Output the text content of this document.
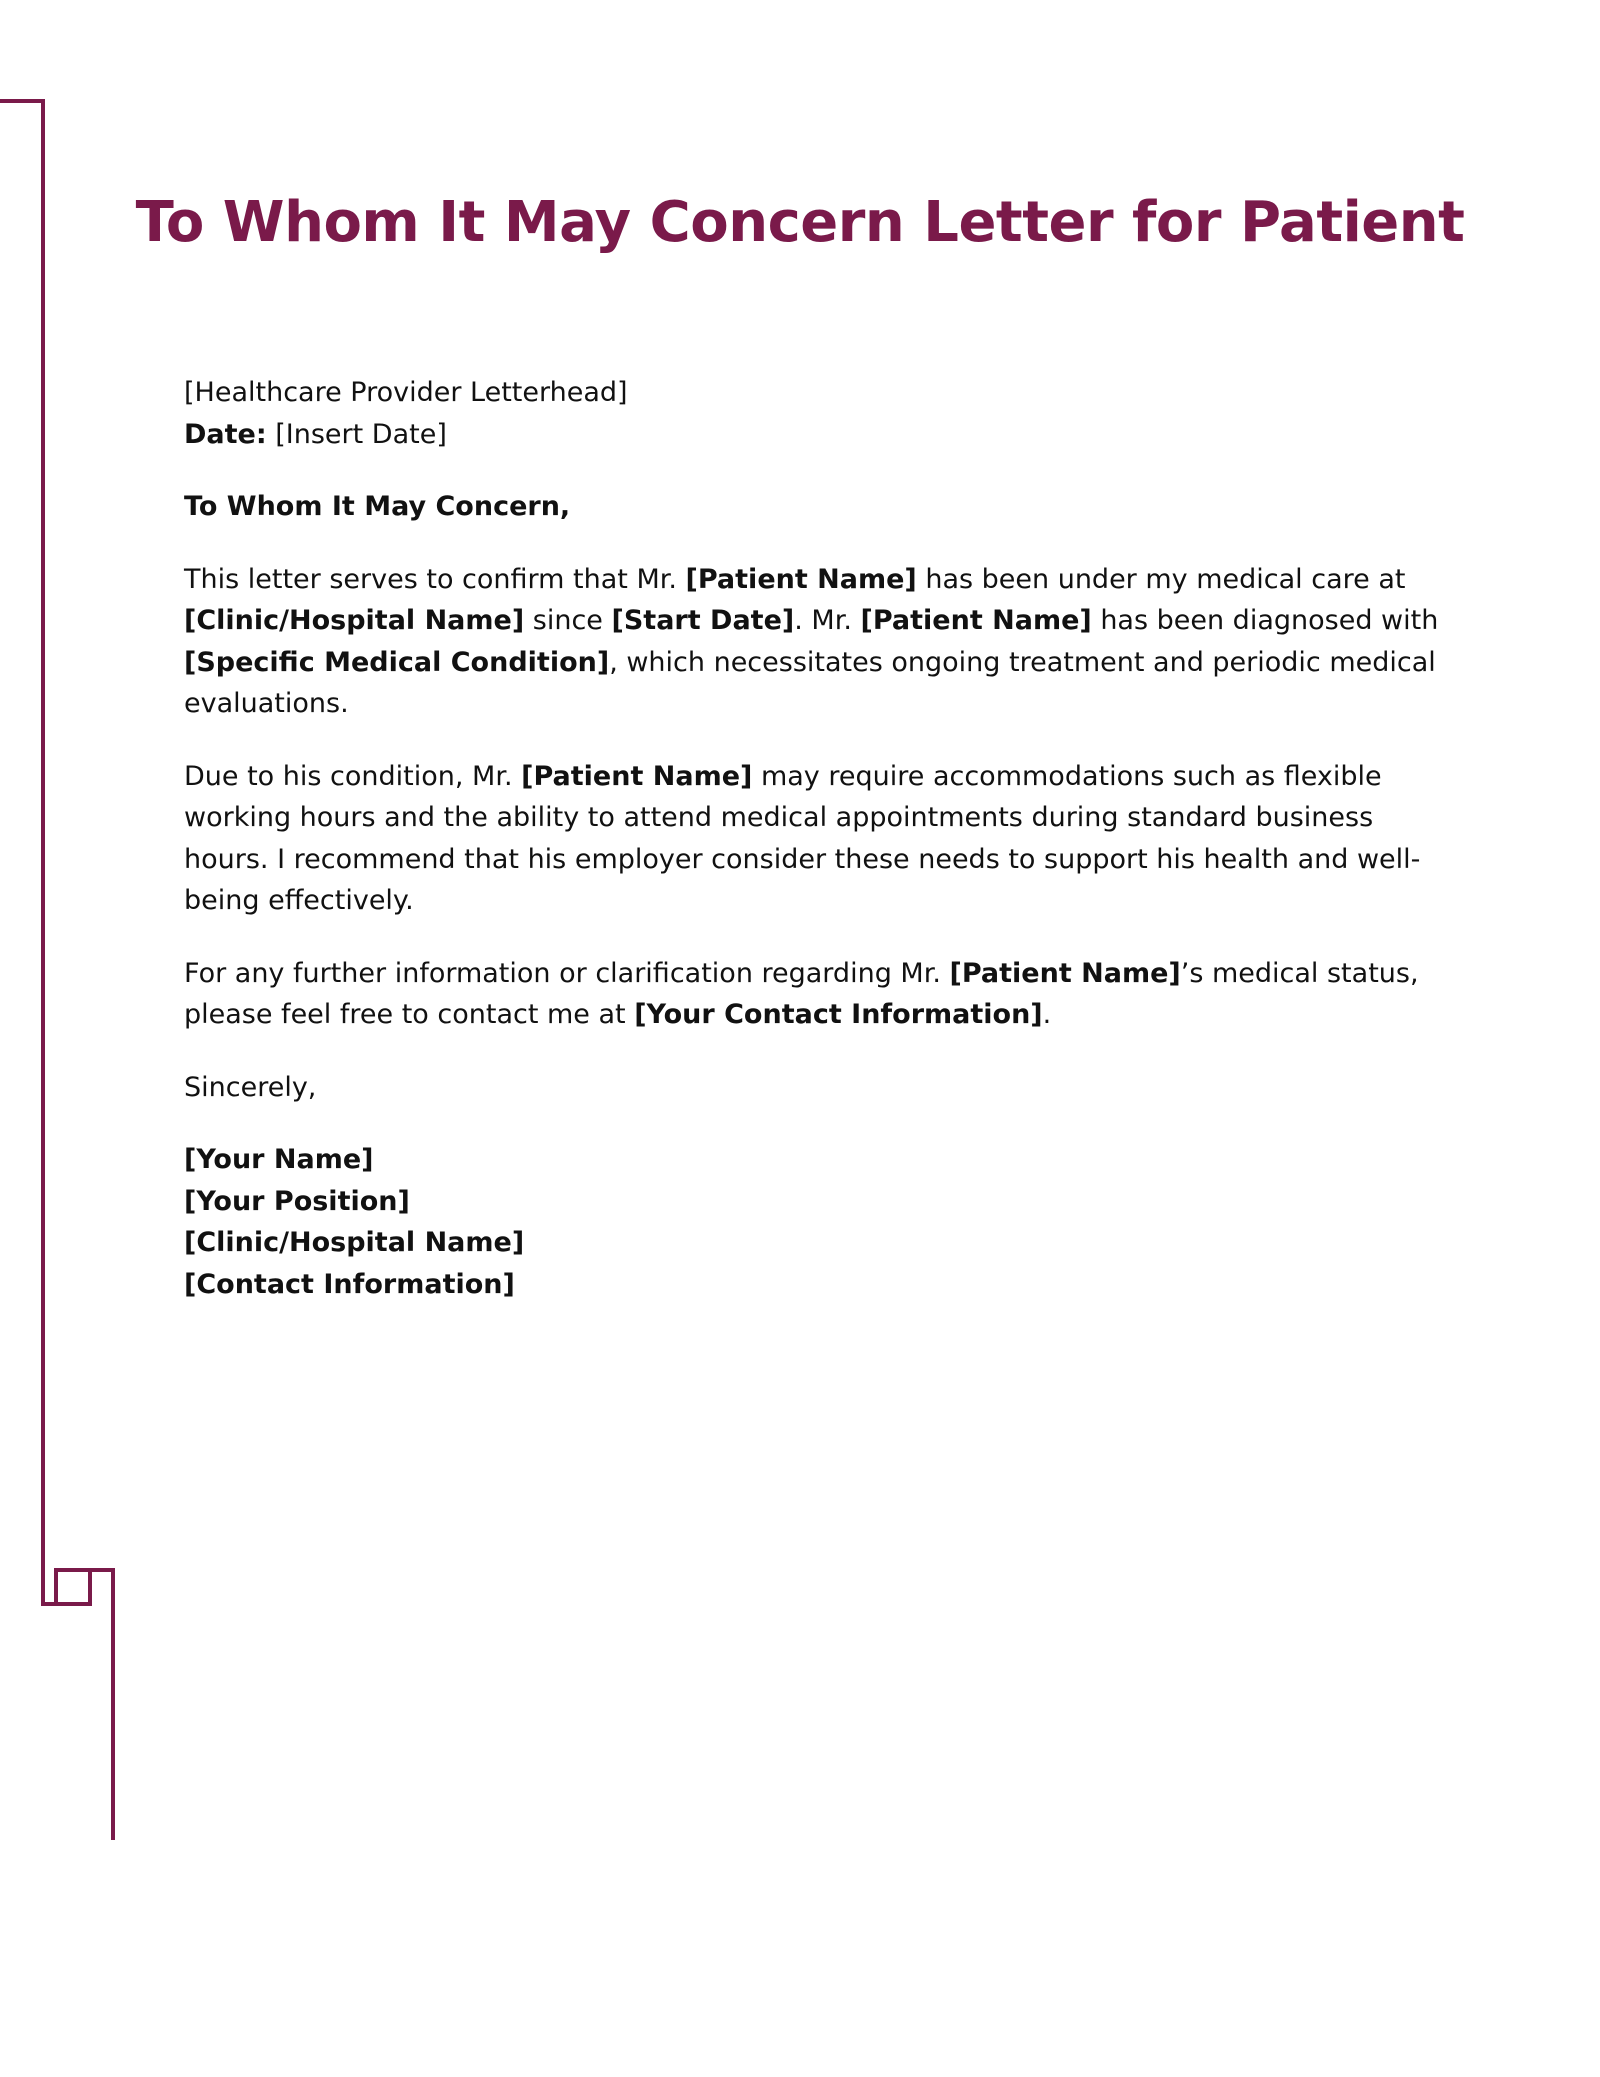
To Whom It May Concern Letter for Patient

[Healthcare Provider Letterhead]

Date: [Insert Date]

To Whom It May Concern,

This letter serves to confirm that Mr. [Patient Name] has been under my medical care at [Clinic/Hospital Name] since [Start Date]. Mr. [Patient Name] has been diagnosed with [Specific Medical Condition], which necessitates ongoing treatment and periodic medical evaluations.

Due to his condition, Mr. [Patient Name] may require accommodations such as flexible working hours and the ability to attend medical appointments during standard business hours. I recommend that his employer consider these needs to support his health and well-being effectively.

For any further information or clarification regarding Mr. [Patient Name]’s medical status, please feel free to contact me at [Your Contact Information].

Sincerely,

[Your Name]
[Your Position]
[Clinic/Hospital Name]
[Contact Information]
